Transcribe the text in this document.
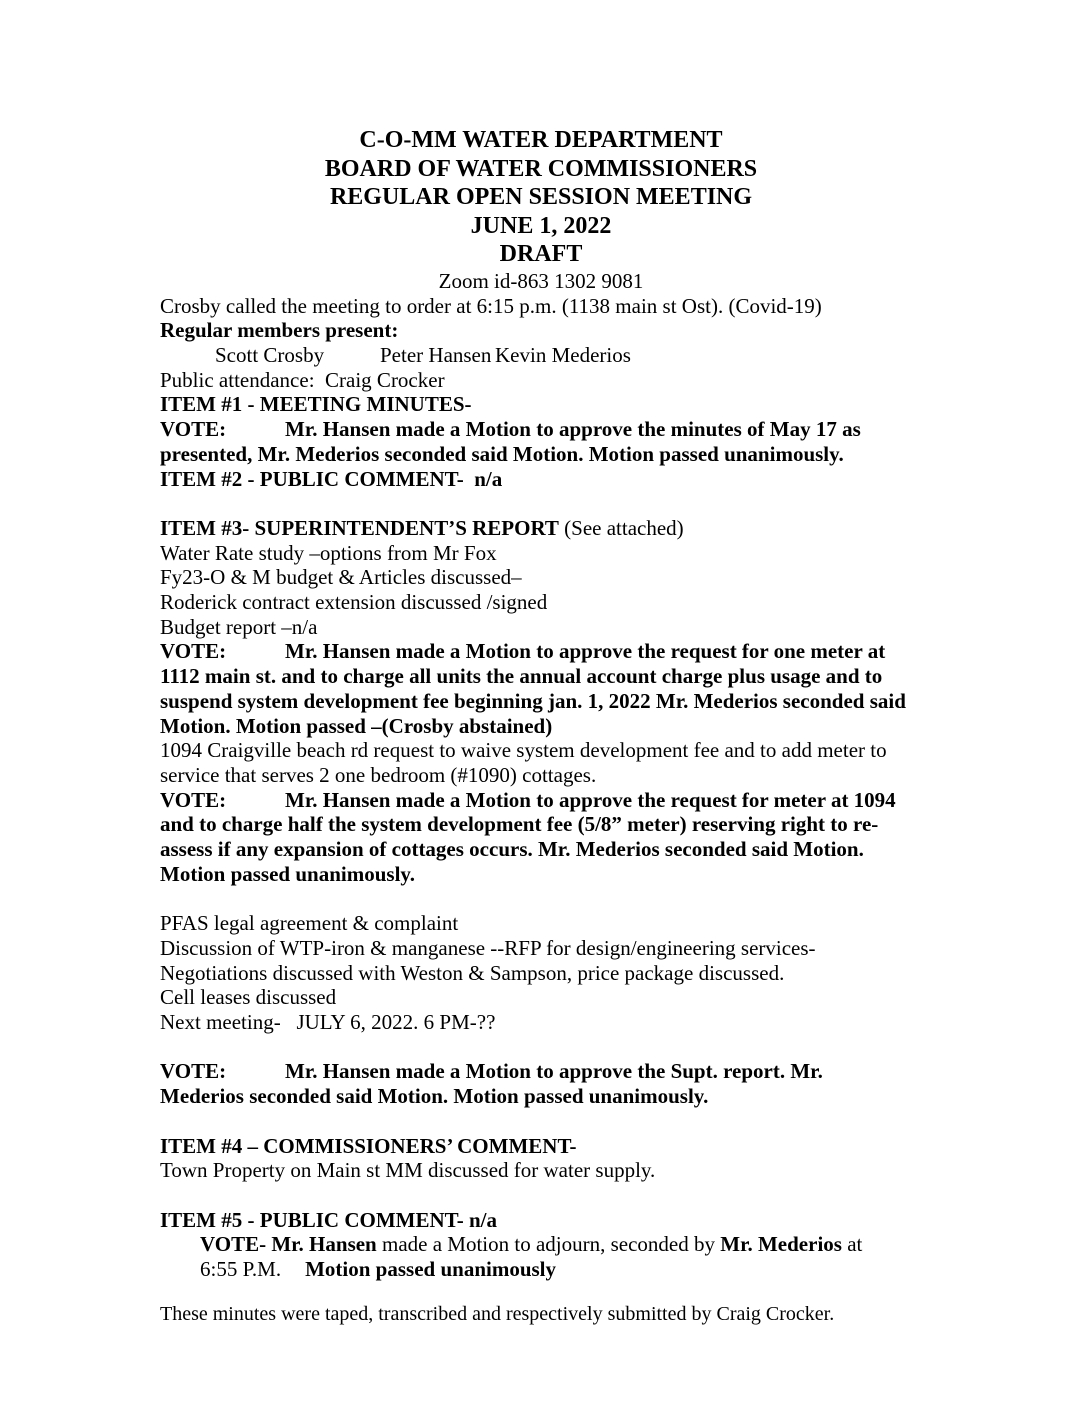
C-O-MM WATER DEPARTMENT
BOARD OF WATER COMMISSIONERS
REGULAR OPEN SESSION MEETING
JUNE 1, 2022
DRAFT
Zoom id-863 1302 9081
Crosby called the meeting to order at 6:15 p.m. (1138 main st Ost). (Covid-19)
Regular members present:
Scott Crosby	Peter Hansen Kevin Mederios
Public attendance:  Craig Crocker
ITEM #1 - MEETING MINUTES-
VOTE:	Mr. Hansen made a Motion to approve the minutes of May 17 as
presented, Mr. Mederios seconded said Motion. Motion passed unanimously.
ITEM #2 - PUBLIC COMMENT-  n/a
ITEM #3- SUPERINTENDENT’S REPORT (See attached)
Water Rate study –options from Mr Fox
Fy23-O & M budget & Articles discussed–
Roderick contract extension discussed /signed
Budget report –n/a
VOTE:	Mr. Hansen made a Motion to approve the request for one meter at
1112 main st. and to charge all units the annual account charge plus usage and to
suspend system development fee beginning jan. 1, 2022 Mr. Mederios seconded said
Motion. Motion passed –(Crosby abstained)
1094 Craigville beach rd request to waive system development fee and to add meter to
service that serves 2 one bedroom (#1090) cottages.
VOTE:	Mr. Hansen made a Motion to approve the request for meter at 1094
and to charge half the system development fee (5/8” meter) reserving right to re-
assess if any expansion of cottages occurs. Mr. Mederios seconded said Motion.
Motion passed unanimously.
PFAS legal agreement & complaint
Discussion of WTP-iron & manganese --RFP for design/engineering services-
Negotiations discussed with Weston & Sampson, price package discussed.
Cell leases discussed
Next meeting-   JULY 6, 2022. 6 PM-??
VOTE:	Mr. Hansen made a Motion to approve the Supt. report. Mr.
Mederios seconded said Motion. Motion passed unanimously.
ITEM #4 – COMMISSIONERS’ COMMENT-
Town Property on Main st MM discussed for water supply.
ITEM #5 - PUBLIC COMMENT- n/a
VOTE- Mr. Hansen made a Motion to adjourn, seconded by Mr. Mederios at
6:55 P.M. Motion passed unanimously
These minutes were taped, transcribed and respectively submitted by Craig Crocker.
